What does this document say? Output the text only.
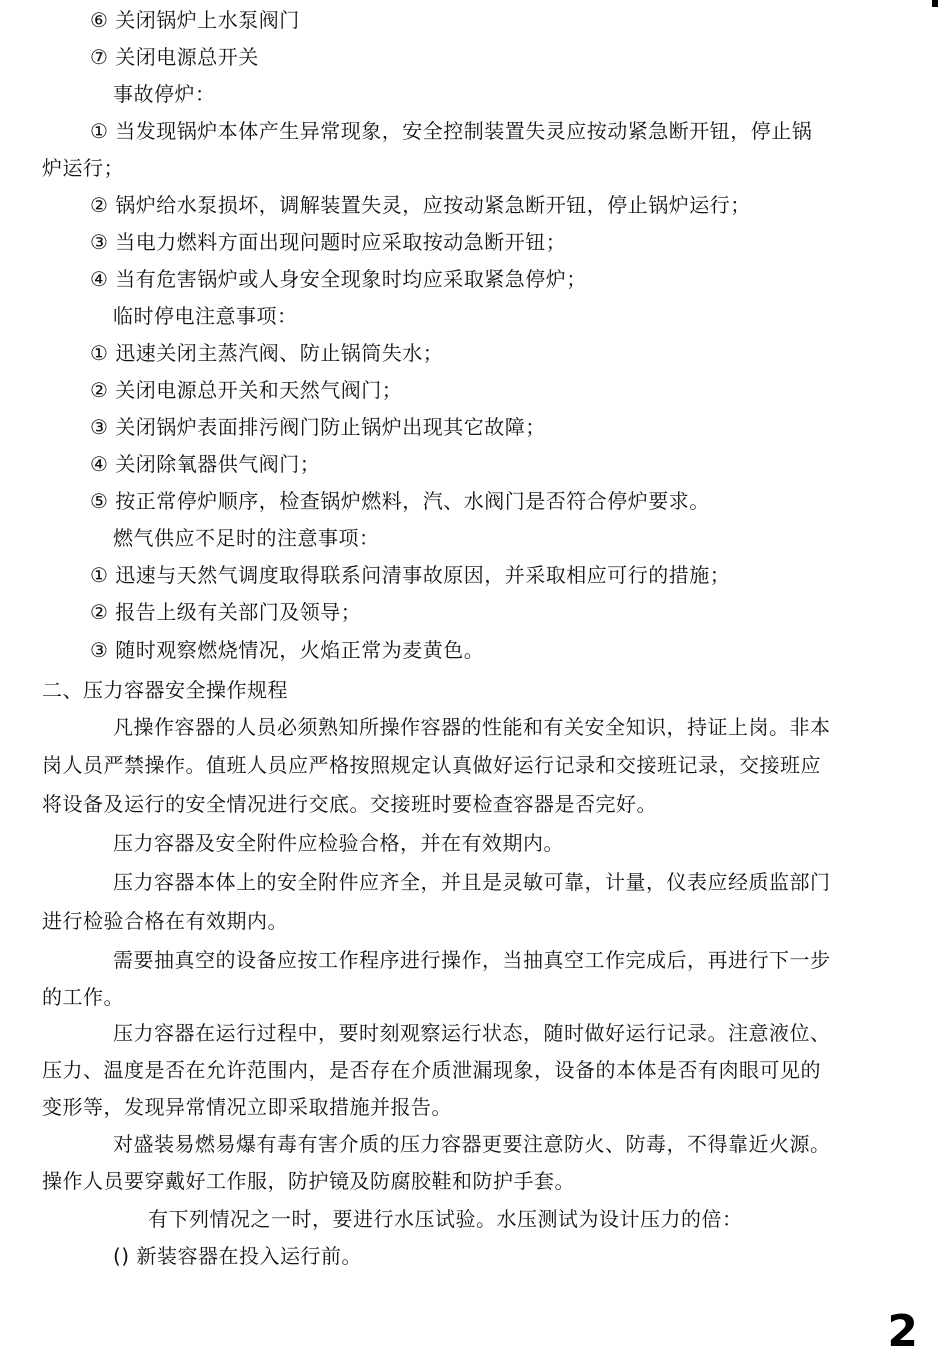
⑥ 关闭锅炉上水泵阀门
⑦ 关闭电源总开关
事故停炉：
① 当发现锅炉本体产生异常现象，安全控制装置失灵应按动紧急断开钮，停止锅
炉运行；
② 锅炉给水泵损坏，调解装置失灵，应按动紧急断开钮，停止锅炉运行；
③ 当电力燃料方面出现问题时应采取按动急断开钮；
④ 当有危害锅炉或人身安全现象时均应采取紧急停炉；
临时停电注意事项：
① 迅速关闭主蒸汽阀、防止锅筒失水；
② 关闭电源总开关和天然气阀门；
③ 关闭锅炉表面排污阀门防止锅炉出现其它故障；
④ 关闭除氧器供气阀门；
⑤ 按正常停炉顺序，检查锅炉燃料，汽、水阀门是否符合停炉要求。
燃气供应不足时的注意事项：
① 迅速与天然气调度取得联系问清事故原因，并采取相应可行的措施；
② 报告上级有关部门及领导；
③ 随时观察燃烧情况，火焰正常为麦黄色。
二、压力容器安全操作规程
凡操作容器的人员必须熟知所操作容器的性能和有关安全知识，持证上岗。非本
岗人员严禁操作。值班人员应严格按照规定认真做好运行记录和交接班记录，交接班应
将设备及运行的安全情况进行交底。交接班时要检查容器是否完好。
压力容器及安全附件应检验合格，并在有效期内。
压力容器本体上的安全附件应齐全，并且是灵敏可靠，计量，仪表应经质监部门
进行检验合格在有效期内。
需要抽真空的设备应按工作程序进行操作，当抽真空工作完成后，再进行下一步
的工作。
压力容器在运行过程中，要时刻观察运行状态，随时做好运行记录。注意液位、
压力、温度是否在允许范围内，是否存在介质泄漏现象，设备的本体是否有肉眼可见的
变形等，发现异常情况立即采取措施并报告。
对盛装易燃易爆有毒有害介质的压力容器更要注意防火、防毒，不得靠近火源。
操作人员要穿戴好工作服，防护镜及防腐胶鞋和防护手套。
有下列情况之一时，要进行水压试验。水压测试为设计压力的倍：
() 新装容器在投入运行前。
2
